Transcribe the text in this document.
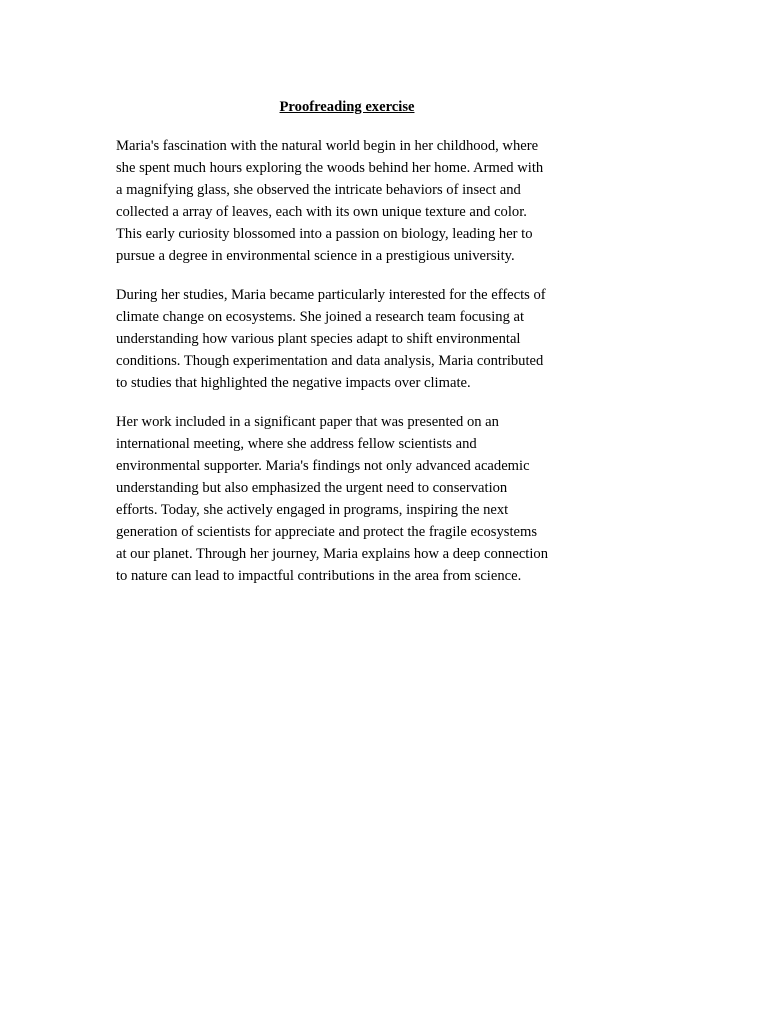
Proofreading exercise
Maria's fascination with the natural world begin in her childhood, where
she spent much hours exploring the woods behind her home. Armed with
a magnifying glass, she observed the intricate behaviors of insect and
collected a array of leaves, each with its own unique texture and color.
This early curiosity blossomed into a passion on biology, leading her to
pursue a degree in environmental science in a prestigious university.
During her studies, Maria became particularly interested for the effects of
climate change on ecosystems. She joined a research team focusing at
understanding how various plant species adapt to shift environmental
conditions. Though experimentation and data analysis, Maria contributed
to studies that highlighted the negative impacts over climate.
Her work included in a significant paper that was presented on an
international meeting, where she address fellow scientists and
environmental supporter. Maria's findings not only advanced academic
understanding but also emphasized the urgent need to conservation
efforts. Today, she actively engaged in programs, inspiring the next
generation of scientists for appreciate and protect the fragile ecosystems
at our planet. Through her journey, Maria explains how a deep connection
to nature can lead to impactful contributions in the area from science.
